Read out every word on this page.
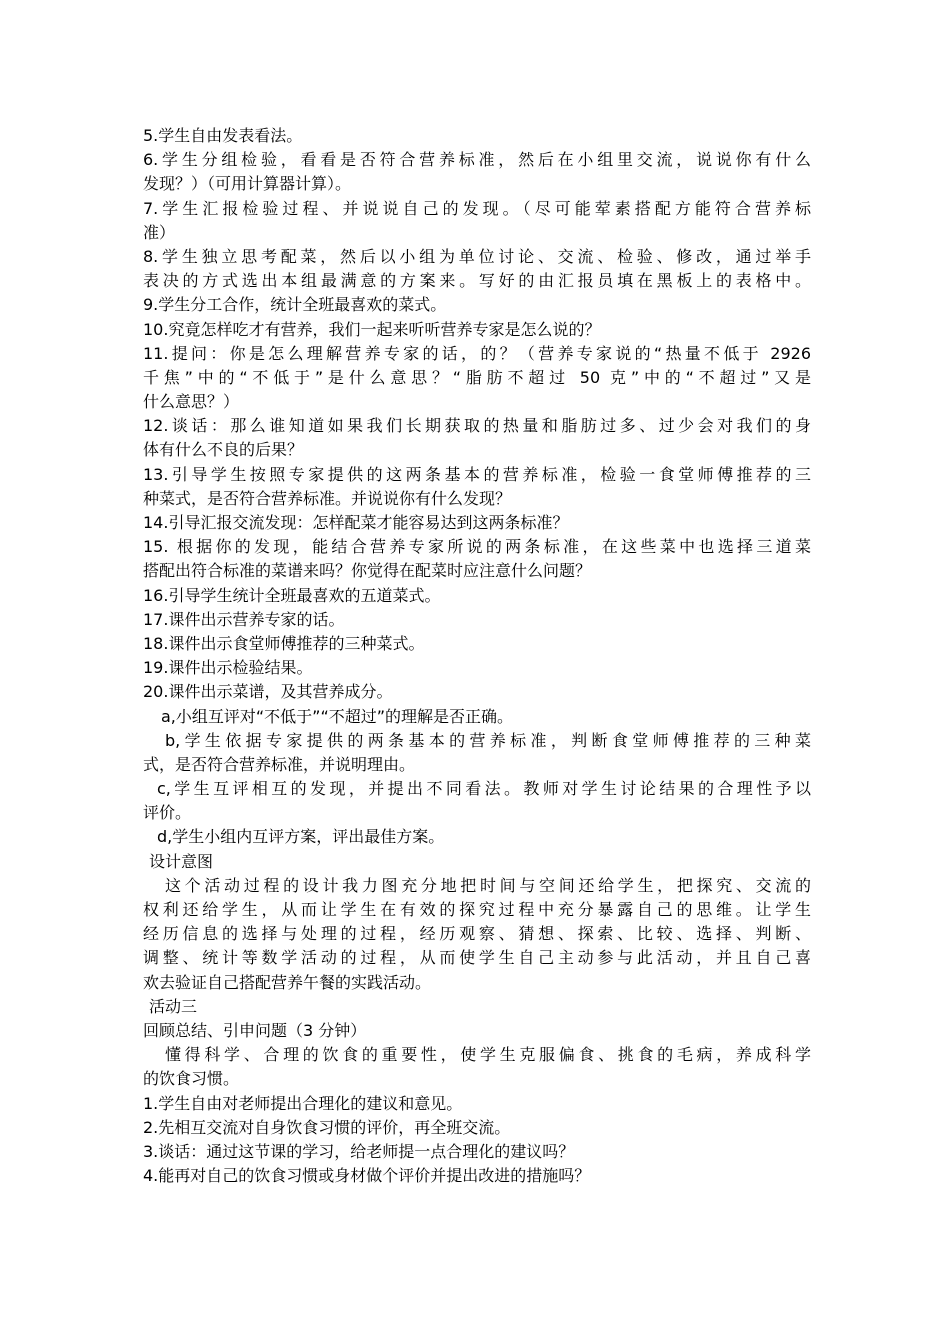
5.学生自由发表看法。
6.学生分组检验，看看是否符合营养标准，然后在小组里交流，说说你有什么
发现？）（可用计算器计算）。
7.学生汇报检验过程、并说说自己的发现。（尽可能荤素搭配方能符合营养标
准）
8.学生独立思考配菜，然后以小组为单位讨论、交流、检验、修改，通过举手
表决的方式选出本组最满意的方案来。写好的由汇报员填在黑板上的表格中。
9.学生分工合作，统计全班最喜欢的菜式。
10.究竟怎样吃才有营养，我们一起来听听营养专家是怎么说的？
11.提问：你是怎么理解营养专家的话，的？（营养专家说的“热量不低于 2926
千焦”中的“不低于”是什么意思？“脂肪不超过 50 克”中的“不超过”又是
什么意思？）
12.谈话：那么谁知道如果我们长期获取的热量和脂肪过多、过少会对我们的身
体有什么不良的后果？
13.引导学生按照专家提供的这两条基本的营养标准，检验一食堂师傅推荐的三
种菜式，是否符合营养标准。并说说你有什么发现？
14.引导汇报交流发现：怎样配菜才能容易达到这两条标准？
15. 根据你的发现，能结合营养专家所说的两条标准，在这些菜中也选择三道菜
搭配出符合标准的菜谱来吗？你觉得在配菜时应注意什么问题？
16.引导学生统计全班最喜欢的五道菜式。
17.课件出示营养专家的话。
18.课件出示食堂师傅推荐的三种菜式。
19.课件出示检验结果。
20.课件出示菜谱，及其营养成分。
a,小组互评对“不低于”“不超过”的理解是否正确。
b,学生依据专家提供的两条基本的营养标准，判断食堂师傅推荐的三种菜
式，是否符合营养标准，并说明理由。
c,学生互评相互的发现，并提出不同看法。教师对学生讨论结果的合理性予以
评价。
d,学生小组内互评方案，评出最佳方案。
设计意图
这个活动过程的设计我力图充分地把时间与空间还给学生，把探究、交流的
权利还给学生，从而让学生在有效的探究过程中充分暴露自己的思维。让学生
经历信息的选择与处理的过程，经历观察、猜想、探索、比较、选择、判断、
调整、统计等数学活动的过程，从而使学生自己主动参与此活动，并且自己喜
欢去验证自己搭配营养午餐的实践活动。
活动三
回顾总结、引申问题（3 分钟）
懂得科学、合理的饮食的重要性，使学生克服偏食、挑食的毛病，养成科学
的饮食习惯。
1.学生自由对老师提出合理化的建议和意见。
2.先相互交流对自身饮食习惯的评价，再全班交流。
3.谈话：通过这节课的学习，给老师提一点合理化的建议吗？
4.能再对自己的饮食习惯或身材做个评价并提出改进的措施吗？
